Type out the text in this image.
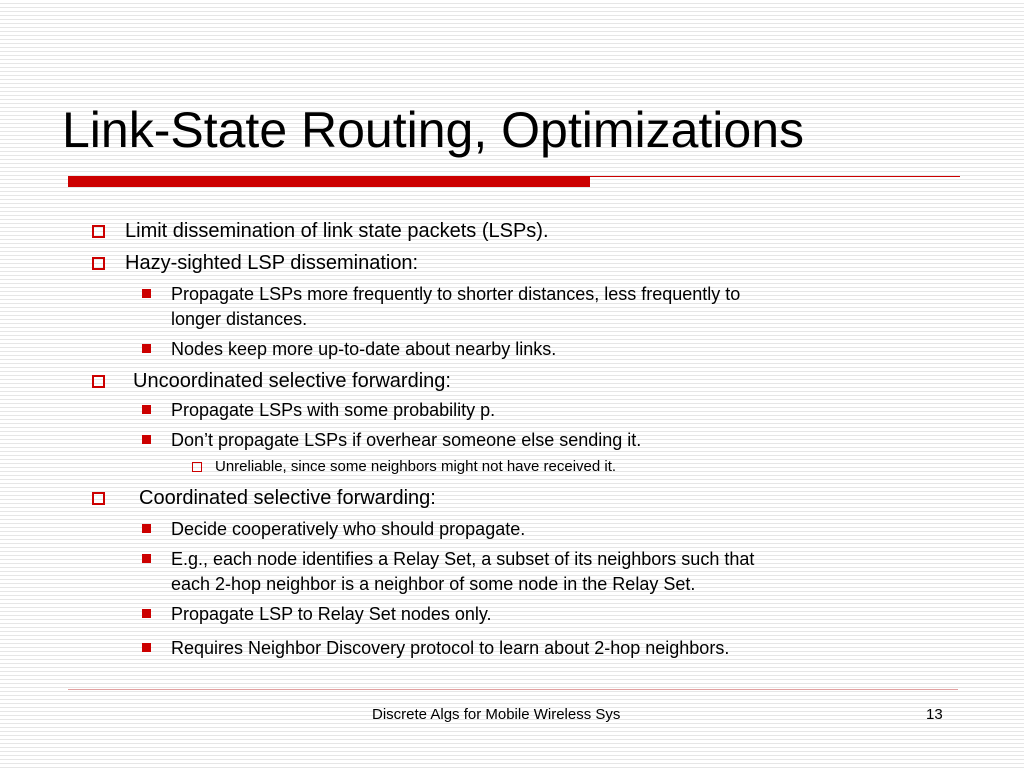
Link-State Routing, Optimizations
Limit dissemination of link state packets (LSPs).
Hazy-sighted LSP dissemination:
Propagate LSPs more frequently to shorter distances, less frequently to
longer distances.
Nodes keep more up-to-date about nearby links.
Uncoordinated selective forwarding:
Propagate LSPs with some probability p.
Don’t propagate LSPs if overhear someone else sending it.
Unreliable, since some neighbors might not have received it.
Coordinated selective forwarding:
Decide cooperatively who should propagate.
E.g., each node identifies a Relay Set, a subset of its neighbors such that
each 2-hop neighbor is a neighbor of some node in the Relay Set.
Propagate LSP to Relay Set nodes only.
Requires Neighbor Discovery protocol to learn about 2-hop neighbors.
Discrete Algs for Mobile Wireless Sys	13
